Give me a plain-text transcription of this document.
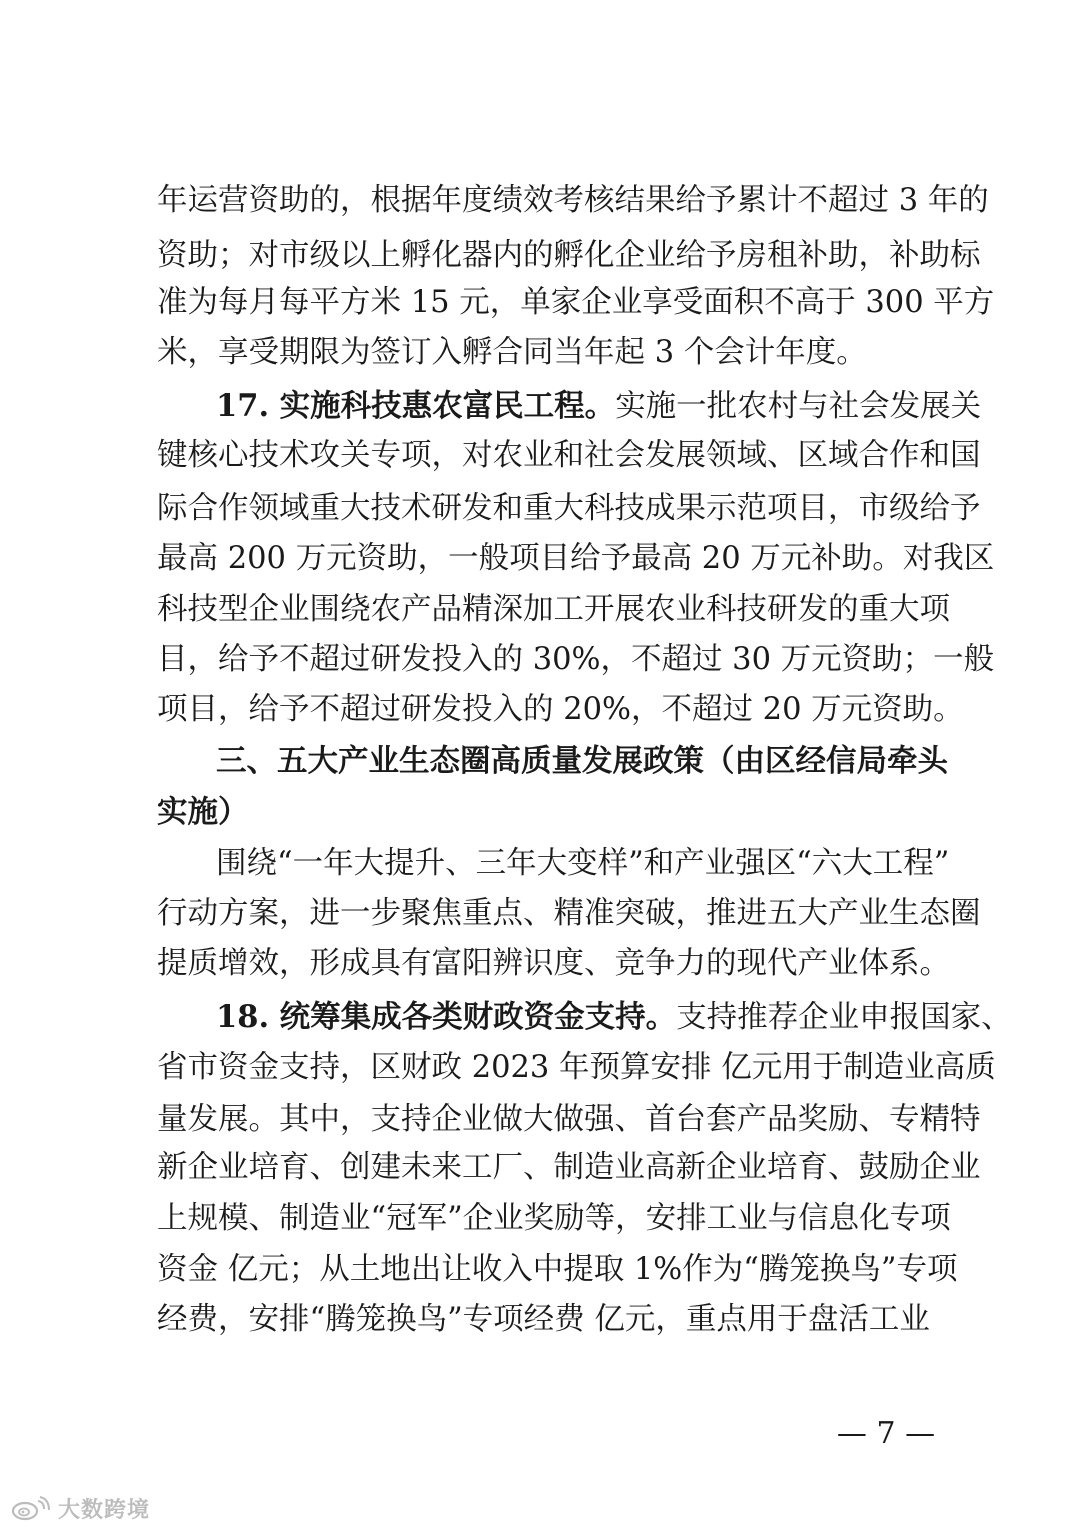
年运营资助的，根据年度绩效考核结果给予累计不超过 3 年的
资助；对市级以上孵化器内的孵化企业给予房租补助，补助标
准为每月每平方米 15 元，单家企业享受面积不高于 300 平方
米，享受期限为签订入孵合同当年起 3 个会计年度。
17. 实施科技惠农富民工程。实施一批农村与社会发展关
键核心技术攻关专项，对农业和社会发展领域、区域合作和国
际合作领域重大技术研发和重大科技成果示范项目，市级给予
最高 200 万元资助，一般项目给予最高 20 万元补助。对我区
科技型企业围绕农产品精深加工开展农业科技研发的重大项
目，给予不超过研发投入的 30%，不超过 30 万元资助；一般
项目，给予不超过研发投入的 20%，不超过 20 万元资助。
三、五大产业生态圈高质量发展政策（由区经信局牵头
实施）
围绕“一年大提升、三年大变样”和产业强区“六大工程”
行动方案，进一步聚焦重点、精准突破，推进五大产业生态圈
提质增效，形成具有富阳辨识度、竞争力的现代产业体系。
18. 统筹集成各类财政资金支持。支持推荐企业申报国家、
省市资金支持，区财政 2023 年预算安排 亿元用于制造业高质
量发展。其中，支持企业做大做强、首台套产品奖励、专精特
新企业培育、创建未来工厂、制造业高新企业培育、鼓励企业
上规模、制造业“冠军”企业奖励等，安排工业与信息化专项
资金 亿元；从土地出让收入中提取 1%作为“腾笼换鸟”专项
经费，安排“腾笼换鸟”专项经费 亿元，重点用于盘活工业
— 7 —
大数跨境
